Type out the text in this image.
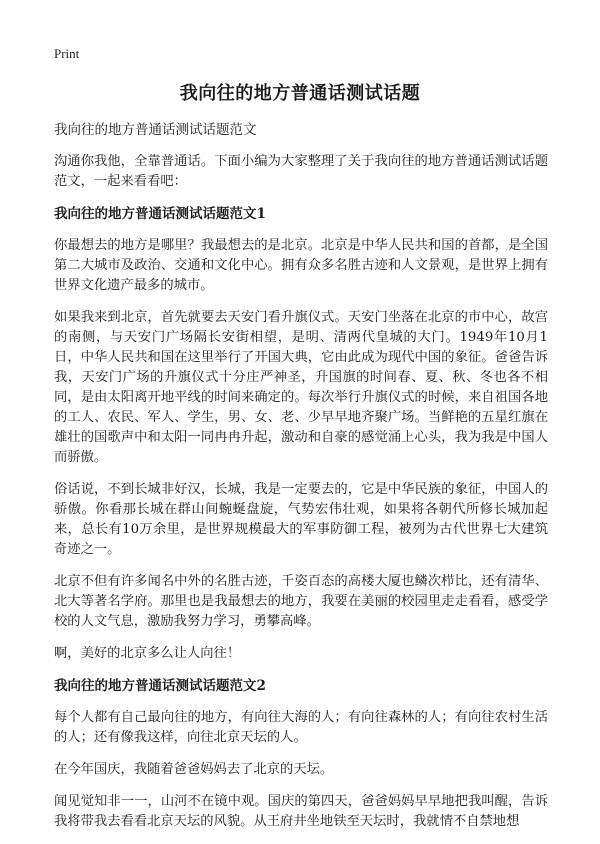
Print
我向往的地方普通话测试话题

我向往的地方普通话测试话题范文

沟通你我他，全靠普通话。下面小编为大家整理了关于我向往的地方普通话测试话题范文，一起来看看吧：

我向往的地方普通话测试话题范文1

你最想去的地方是哪里？我最想去的是北京。北京是中华人民共和国的首都，是全国第二大城市及政治、交通和文化中心。拥有众多名胜古迹和人文景观，是世界上拥有世界文化遗产最多的城市。

如果我来到北京，首先就要去天安门看升旗仪式。天安门坐落在北京的市中心，故宫的南侧，与天安门广场隔长安街相望，是明、清两代皇城的大门。1949年10月1日，中华人民共和国在这里举行了开国大典，它由此成为现代中国的象征。爸爸告诉我，天安门广场的升旗仪式十分庄严神圣，升国旗的时间春、夏、秋、冬也各不相同，是由太阳离开地平线的时间来确定的。每次举行升旗仪式的时候，来自祖国各地的工人、农民、军人、学生，男、女、老、少早早地齐聚广场。当鲜艳的五星红旗在雄壮的国歌声中和太阳一同冉冉升起，激动和自豪的感觉涌上心头，我为我是中国人而骄傲。

俗话说，不到长城非好汉，长城，我是一定要去的，它是中华民族的象征，中国人的骄傲。你看那长城在群山间蜿蜒盘旋，气势宏伟壮观，如果将各朝代所修长城加起来，总长有10万余里，是世界规模最大的军事防御工程，被列为古代世界七大建筑奇迹之一。

北京不但有许多闻名中外的名胜古迹，千姿百态的高楼大厦也鳞次栉比，还有清华、北大等著名学府。那里也是我最想去的地方，我要在美丽的校园里走走看看，感受学校的人文气息，激励我努力学习，勇攀高峰。

啊，美好的北京多么让人向往！

我向往的地方普通话测试话题范文2

每个人都有自己最向往的地方，有向往大海的人；有向往森林的人；有向往农村生活的人；还有像我这样，向往北京天坛的人。

在今年国庆，我随着爸爸妈妈去了北京的天坛。

闻见觉知非一一，山河不在镜中观。国庆的第四天，爸爸妈妈早早地把我叫醒，告诉我将带我去看看北京天坛的风貌。从王府井坐地铁至天坛时，我就情不自禁地想
